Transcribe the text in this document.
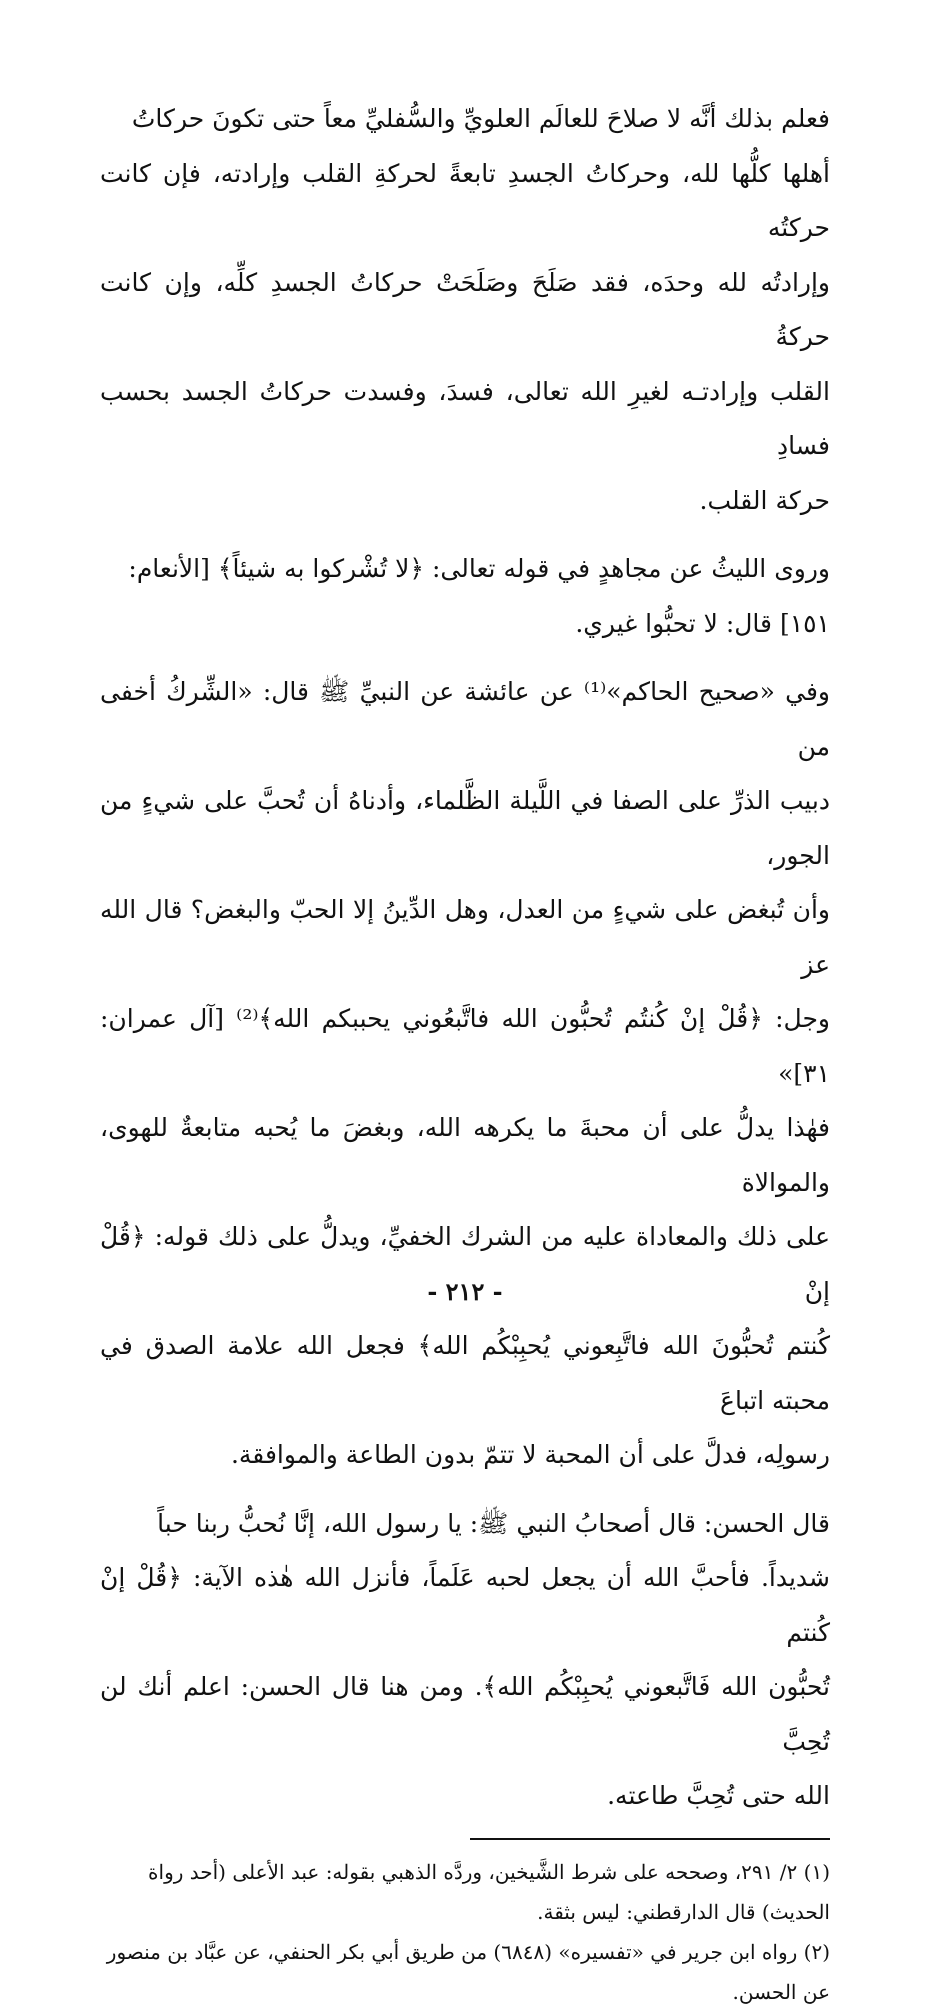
فعلم بذلك أنَّه لا صلاحَ للعالَم العلويِّ والسُّفليِّ معاً حتى تكونَ حركاتُ

أهلها كلُّها لله، وحركاتُ الجسدِ تابعةً لحركةِ القلب وإرادته، فإن كانت حركتُه

وإرادتُه لله وحدَه، فقد صَلَحَ وصَلَحَتْ حركاتُ الجسدِ كلِّه، وإن كانت حركةُ

القلب وإرادتـه لغيرِ الله تعالى، فسدَ، وفسدت حركاتُ الجسد بحسب فسادِ

حركة القلب.

وروى الليثُ عن مجاهدٍ في قوله تعالى: ﴿لا تُشْركوا به شيئاً﴾ [الأنعام:

١٥١] قال: لا تحبُّوا غيري.

وفي «صحيح الحاكم»⁽¹⁾ عن عائشة عن النبيِّ ﷺ قال: «الشِّركُ أخفى من

دبيب الذرِّ على الصفا في اللَّيلة الظَّلماء، وأدناهُ أن تُحبَّ على شيءٍ من الجور،

وأن تُبغض على شيءٍ من العدل، وهل الدِّينُ إلا الحبّ والبغض؟ قال الله عز

وجل: ﴿قُلْ إنْ كُنتُم تُحبُّون الله فاتَّبعُوني يحببكم الله﴾⁽²⁾ [آل عمران: ٣١]»

فهٰذا يدلُّ على أن محبةَ ما يكرهه الله، وبغضَ ما يُحبه متابعةٌ للهوى، والموالاة

على ذلك والمعاداة عليه من الشرك الخفيِّ، ويدلُّ على ذلك قوله: ﴿قُلْ إنْ

كُنتم تُحبُّونَ الله فاتَّبِعوني يُحبِبْكُم الله﴾ فجعل الله علامة الصدق في محبته اتباعَ

رسولِه، فدلَّ على أن المحبة لا تتمّ بدون الطاعة والموافقة.

قال الحسن: قال أصحابُ النبي ﷺ: يا رسول الله، إنَّا نُحبُّ ربنا حباً

شديداً. فأحبَّ الله أن يجعل لحبه عَلَماً، فأنزل الله هٰذه الآية: ﴿قُلْ إنْ كُنتم

تُحبُّون الله فَاتَّبعوني يُحبِبْكُم الله﴾. ومن هنا قال الحسن: اعلم أنك لن تُحِبَّ

الله حتى تُحِبَّ طاعته.

(١) ٢/ ٢٩١، وصححه على شرط الشَّيخين، وردَّه الذهبي بقوله: عبد الأعلى (أحد رواة

الحديث) قال الدارقطني: ليس بثقة.

(٢) رواه ابن جرير في «تفسيره» (٦٨٤٨) من طريق أبي بكر الحنفي، عن عبَّاد بن منصور

عن الحسن.

- ٢١٢ -
